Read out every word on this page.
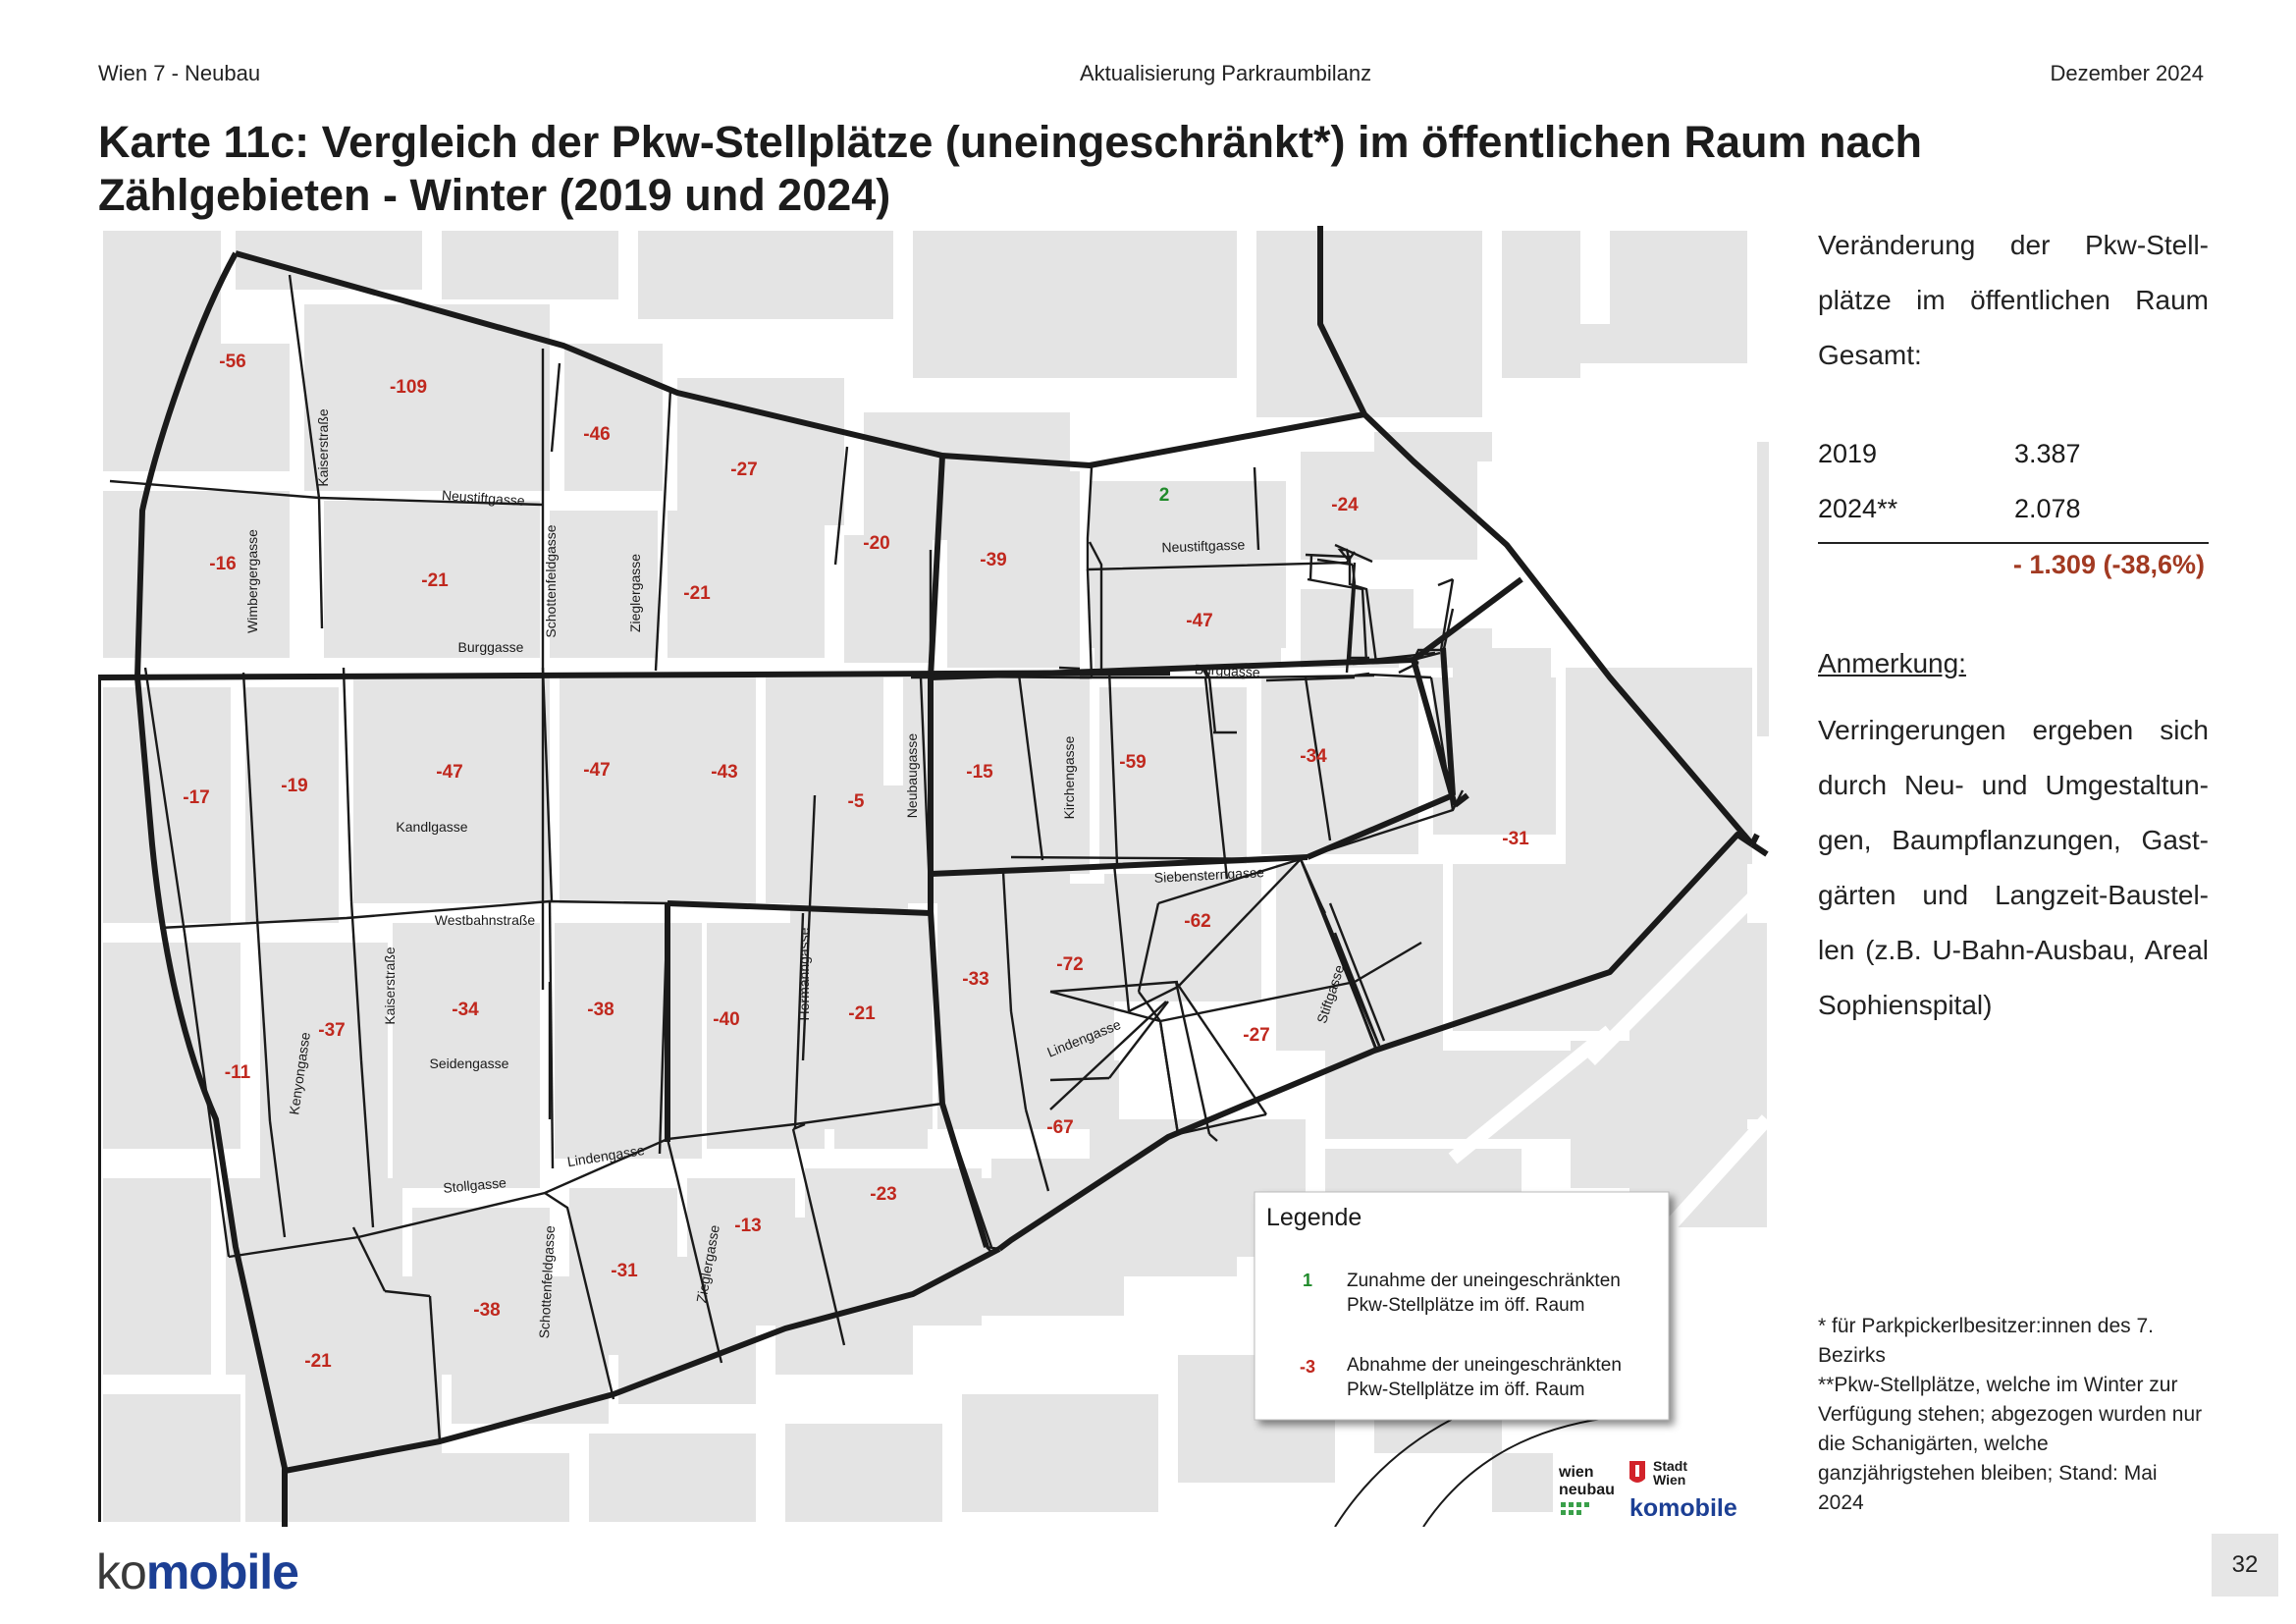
Wien 7 - Neubau	Aktualisierung Parkraumbilanz	Dezember 2024
Karte 11c: Vergleich der Pkw-Stellplätze (uneingeschränkt*) im öffentlichen Raum nach Zählgebieten - Winter (2019 und 2024)
-56
-109
-46
-27
-20
-39
2	-24
-16
-21
-21
-47
-17
-19
-47	-47	-43
-5
-15	-59	-34
-31
-62
-33
-72
-11
-37
-34	-38	-40	-21
-27
-67
-23
-13
-31
-38
-21
Kaiserstraße
Neustiftgasse
Wimbergergasse	Schottenfeldgasse	Zieglergasse
Burggasse
Neustiftgasse
Burggasse
Neubaugasse	Kirchengasse
Kandlgasse
Siebensterngasse
Westbahnstraße
Kaiserstraße	Hermanngasse	Stiftgasse
Lindengasse
Kenyongasse	Seidengasse
Lindengasse
Stollgasse
Schottenfeldgasse	Zieglergasse
Legende
1 Zunahme der uneingeschränkten
Pkw-Stellplätze im öff. Raum
-3 Abnahme der uneingeschränkten
Pkw-Stellplätze im öff. Raum
wien
neubau
Stadt
Wien
komobile
Veränderung der Pkw-Stell-
plätze im öffentlichen Raum
Gesamt:
2019	3.387
2024**	2.078
- 1.309 (-38,6%)
Anmerkung:
Verringerungen ergeben sich
durch Neu- und Umgestaltun-
gen, Baumpflanzungen, Gast-
gärten und Langzeit-Baustel-
len (z.B. U-Bahn-Ausbau, Areal
Sophienspital)
* für Parkpickerlbesitzer:innen des 7. Bezirks
**Pkw-Stellplätze, welche im Winter zur Verfügung stehen; abgezogen wurden nur die Schanigärten, welche ganzjährigstehen bleiben; Stand: Mai 2024
komobile	32
